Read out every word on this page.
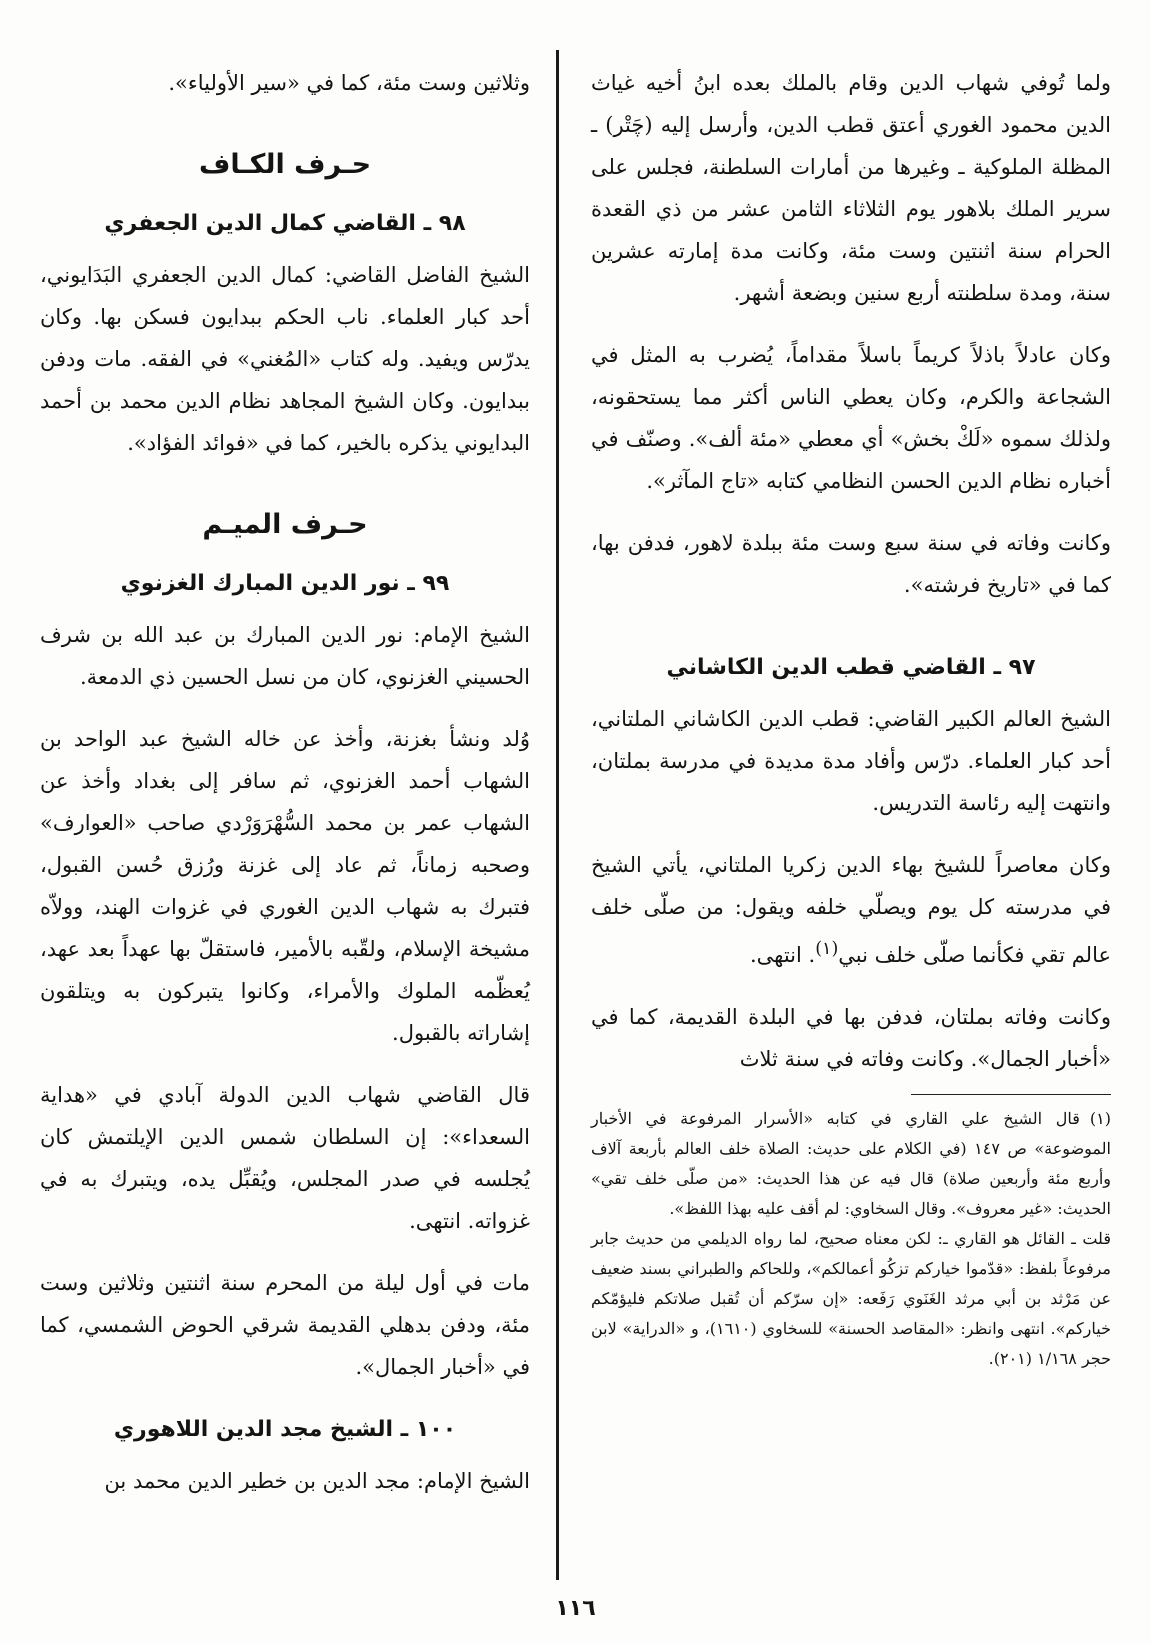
ولما تُوفي شهاب الدين وقام بالملك بعده ابنُ أخيه غياث الدين محمود الغوري أعتق قطب الدين، وأرسل إليه (چَتْر) ـ المظلة الملوكية ـ وغيرها من أمارات السلطنة، فجلس على سرير الملك بلاهور يوم الثلاثاء الثامن عشر من ذي القعدة الحرام سنة اثنتين وست مئة، وكانت مدة إمارته عشرين سنة، ومدة سلطنته أربع سنين وبضعة أشهر.

وكان عادلاً باذلاً كريماً باسلاً مقداماً، يُضرب به المثل في الشجاعة والكرم، وكان يعطي الناس أكثر مما يستحقونه، ولذلك سموه «لَكْ بخش» أي معطي «مئة ألف». وصنّف في أخباره نظام الدين الحسن النظامي كتابه «تاج المآثر».

وكانت وفاته في سنة سبع وست مئة ببلدة لاهور، فدفن بها، كما في «تاريخ فرشته».

٩٧ ـ القاضي قطب الدين الكاشاني

الشيخ العالم الكبير القاضي: قطب الدين الكاشاني الملتاني، أحد كبار العلماء. درّس وأفاد مدة مديدة في مدرسة بملتان، وانتهت إليه رئاسة التدريس.

وكان معاصراً للشيخ بهاء الدين زكريا الملتاني، يأتي الشيخ في مدرسته كل يوم ويصلّي خلفه ويقول: من صلّى خلف عالم تقي فكأنما صلّى خلف نبي$^{(١)}$. انتهى.

وكانت وفاته بملتان، فدفن بها في البلدة القديمة، كما في «أخبار الجمال». وكانت وفاته في سنة ثلاث

وثلاثين وست مئة، كما في «سير الأولياء».

حـرف الكـاف
٩٨ ـ القاضي كمال الدين الجعفري

الشيخ الفاضل القاضي: كمال الدين الجعفري البَدَايوني، أحد كبار العلماء. ناب الحكم ببدايون فسكن بها. وكان يدرّس ويفيد. وله كتاب «المُغني» في الفقه. مات ودفن ببدايون. وكان الشيخ المجاهد نظام الدين محمد بن أحمد البدايوني يذكره بالخير، كما في «فوائد الفؤاد».

حـرف الميـم
٩٩ ـ نور الدين المبارك الغزنوي

الشيخ الإمام: نور الدين المبارك بن عبد الله بن شرف الحسيني الغزنوي، كان من نسل الحسين ذي الدمعة.

وُلد ونشأ بغزنة، وأخذ عن خاله الشيخ عبد الواحد بن الشهاب أحمد الغزنوي، ثم سافر إلى بغداد وأخذ عن الشهاب عمر بن محمد السُّهْرَوَرْدي صاحب «العوارف» وصحبه زماناً، ثم عاد إلى غزنة ورُزق حُسن القبول، فتبرك به شهاب الدين الغوري في غزوات الهند، وولاّه مشيخة الإسلام، ولقّبه بالأمير، فاستقلّ بها عهداً بعد عهد، يُعظّمه الملوك والأمراء، وكانوا يتبركون به ويتلقون إشاراته بالقبول.

قال القاضي شهاب الدين الدولة آبادي في «هداية السعداء»: إن السلطان شمس الدين الإيلتمش كان يُجلسه في صدر المجلس، ويُقبِّل يده، ويتبرك به في غزواته. انتهى.

مات في أول ليلة من المحرم سنة اثنتين وثلاثين وست مئة، ودفن بدهلي القديمة شرقي الحوض الشمسي، كما في «أخبار الجمال».

١٠٠ ـ الشيخ مجد الدين اللاهوري

الشيخ الإمام: مجد الدين بن خطير الدين محمد بن

(١)قال الشيخ علي القاري في كتابه «الأسرار المرفوعة في الأخبار الموضوعة» ص ١٤٧ (في الكلام على حديث: الصلاة خلف العالم بأربعة آلاف وأربع مئة وأربعين صلاة) قال فيه عن هذا الحديث: «من صلّى خلف تقي» الحديث: «غير معروف». وقال السخاوي: لم أقف عليه بهذا اللفظ».

قلت ـ القائل هو القاري ـ: لكن معناه صحيح، لما رواه الديلمي من حديث جابر مرفوعاً بلفظ: «قدّموا خياركم تزكُو أعمالكم»، وللحاكم والطبراني بسند ضعيف عن مَرْثد بن أبي مرثد الغَنَوي رَفَعه: «إن سرّكم أن تُقبل صلاتكم فليؤمّكم خياركم». انتهى وانظر: «المقاصد الحسنة» للسخاوي (١٦١٠)، و «الدراية» لابن حجر ١/١٦٨ (٢٠١).

١١٦
